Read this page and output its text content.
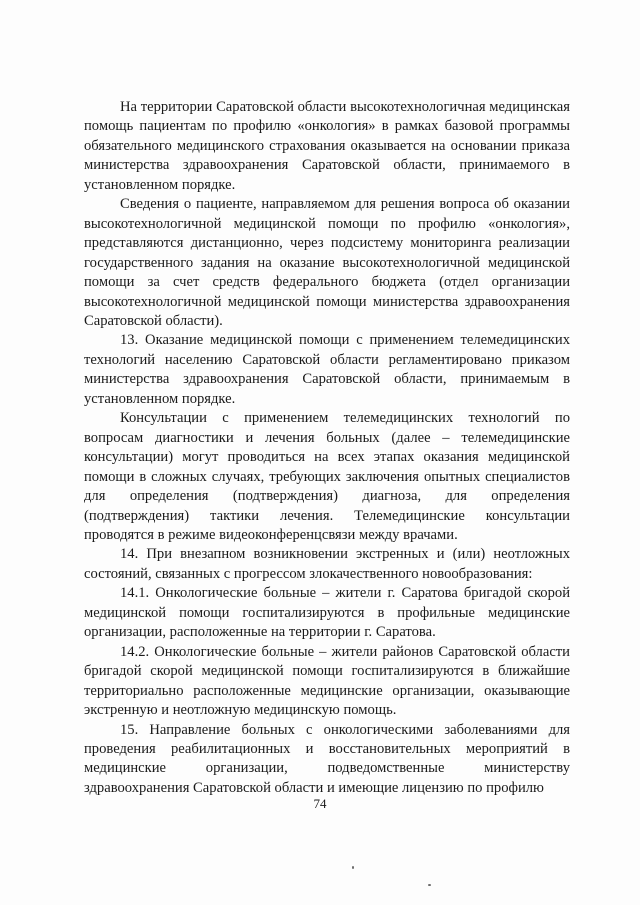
На территории Саратовской области высокотехнологичная медицинская помощь пациентам по профилю «онкология» в рамках базовой программы обязательного медицинского страхования оказывается на основании приказа министерства здравоохранения Саратовской области, принимаемого в установленном порядке.

Сведения о пациенте, направляемом для решения вопроса об оказании высокотехнологичной медицинской помощи по профилю «онкология», представляются дистанционно, через подсистему мониторинга реализации государственного задания на оказание высокотехнологичной медицинской помощи за счет средств федерального бюджета (отдел организации высокотехнологичной медицинской помощи министерства здравоохранения Саратовской области).

13. Оказание медицинской помощи с применением телемедицинских технологий населению Саратовской области регламентировано приказом министерства здравоохранения Саратовской области, принимаемым в установленном порядке.

Консультации с применением телемедицинских технологий по вопросам диагностики и лечения больных (далее – телемедицинские консультации) могут проводиться на всех этапах оказания медицинской помощи в сложных случаях, требующих заключения опытных специалистов для определения (подтверждения) диагноза, для определения (подтверждения) тактики лечения. Телемедицинские консультации проводятся в режиме видеоконференцсвязи между врачами.

14. При внезапном возникновении экстренных и (или) неотложных состояний, связанных с прогрессом злокачественного новообразования:

14.1. Онкологические больные – жители г. Саратова бригадой скорой медицинской помощи госпитализируются в профильные медицинские организации, расположенные на территории г. Саратова.

14.2. Онкологические больные – жители районов Саратовской области бригадой скорой медицинской помощи госпитализируются в ближайшие территориально расположенные медицинские организации, оказывающие экстренную и неотложную медицинскую помощь.

15. Направление больных с онкологическими заболеваниями для проведения реабилитационных и восстановительных мероприятий в медицинские организации, подведомственные министерству здравоохранения Саратовской области и имеющие лицензию по профилю

74
